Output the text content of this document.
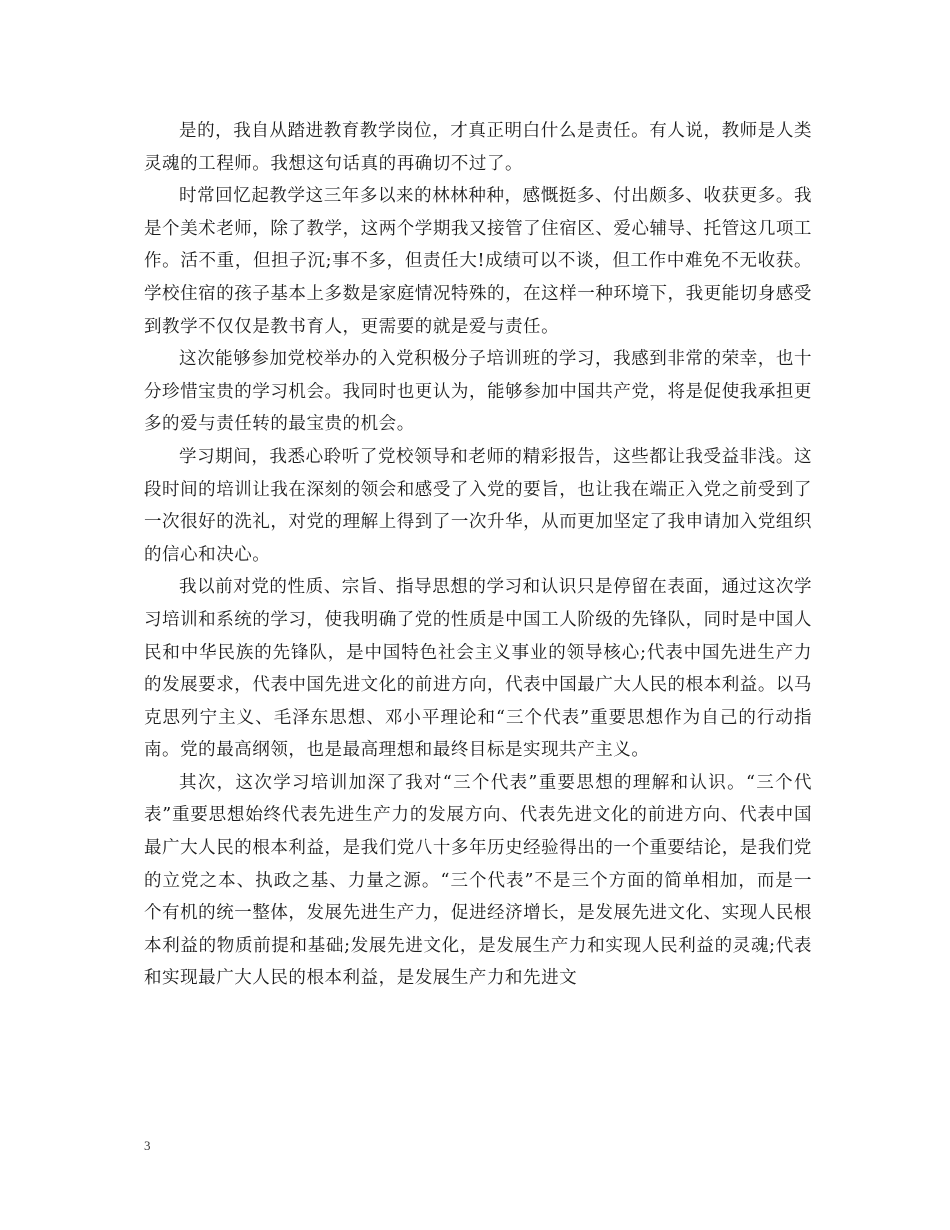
是的，我自从踏进教育教学岗位，才真正明白什么是责任。有人说，教师是人类灵魂的工程师。我想这句话真的再确切不过了。

时常回忆起教学这三年多以来的林林种种，感慨挺多、付出颇多、收获更多。我是个美术老师，除了教学，这两个学期我又接管了住宿区、爱心辅导、托管这几项工作。活不重，但担子沉;事不多，但责任大!成绩可以不谈，但工作中难免不无收获。学校住宿的孩子基本上多数是家庭情况特殊的，在这样一种环境下，我更能切身感受到教学不仅仅是教书育人，更需要的就是爱与责任。

这次能够参加党校举办的入党积极分子培训班的学习，我感到非常的荣幸，也十分珍惜宝贵的学习机会。我同时也更认为，能够参加中国共产党，将是促使我承担更多的爱与责任转的最宝贵的机会。

学习期间，我悉心聆听了党校领导和老师的精彩报告，这些都让我受益非浅。这段时间的培训让我在深刻的领会和感受了入党的要旨，也让我在端正入党之前受到了一次很好的洗礼，对党的理解上得到了一次升华，从而更加坚定了我申请加入党组织的信心和决心。

我以前对党的性质、宗旨、指导思想的学习和认识只是停留在表面，通过这次学习培训和系统的学习，使我明确了党的性质是中国工人阶级的先锋队，同时是中国人民和中华民族的先锋队，是中国特色社会主义事业的领导核心;代表中国先进生产力的发展要求，代表中国先进文化的前进方向，代表中国最广大人民的根本利益。以马克思列宁主义、毛泽东思想、邓小平理论和“三个代表”重要思想作为自己的行动指南。党的最高纲领，也是最高理想和最终目标是实现共产主义。

其次，这次学习培训加深了我对“三个代表”重要思想的理解和认识。“三个代表”重要思想始终代表先进生产力的发展方向、代表先进文化的前进方向、代表中国最广大人民的根本利益，是我们党八十多年历史经验得出的一个重要结论，是我们党的立党之本、执政之基、力量之源。“三个代表”不是三个方面的简单相加，而是一个有机的统一整体，发展先进生产力，促进经济增长，是发展先进文化、实现人民根本利益的物质前提和基础;发展先进文化，是发展生产力和实现人民利益的灵魂;代表和实现最广大人民的根本利益，是发展生产力和先进文

3
